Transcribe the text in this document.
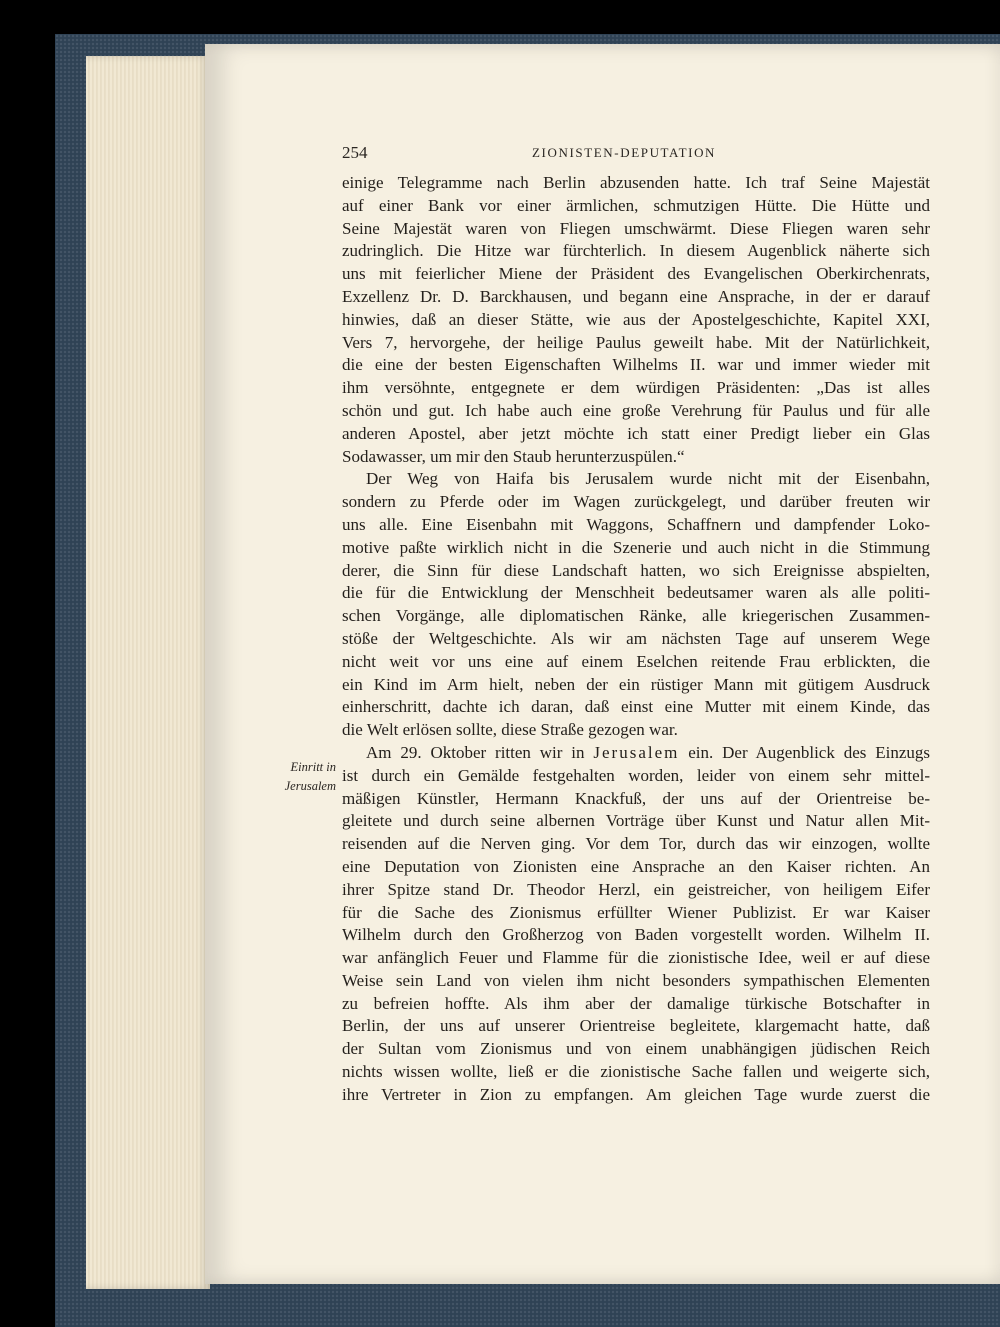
254	ZIONISTEN-DEPUTATION
Einritt in
Jerusalem
einige Telegramme nach Berlin abzusenden hatte. Ich traf Seine Majestät
auf einer Bank vor einer ärmlichen, schmutzigen Hütte. Die Hütte und
Seine Majestät waren von Fliegen umschwärmt. Diese Fliegen waren sehr
zudringlich. Die Hitze war fürchterlich. In diesem Augenblick näherte sich
uns mit feierlicher Miene der Präsident des Evangelischen Oberkirchenrats,
Exzellenz Dr. D. Barckhausen, und begann eine Ansprache, in der er darauf
hinwies, daß an dieser Stätte, wie aus der Apostelgeschichte, Kapitel XXI,
Vers 7, hervorgehe, der heilige Paulus geweilt habe. Mit der Natürlichkeit,
die eine der besten Eigenschaften Wilhelms II. war und immer wieder mit
ihm versöhnte, entgegnete er dem würdigen Präsidenten: „Das ist alles
schön und gut. Ich habe auch eine große Verehrung für Paulus und für alle
anderen Apostel, aber jetzt möchte ich statt einer Predigt lieber ein Glas
Sodawasser, um mir den Staub herunterzuspülen.“
Der Weg von Haifa bis Jerusalem wurde nicht mit der Eisenbahn,
sondern zu Pferde oder im Wagen zurückgelegt, und darüber freuten wir
uns alle. Eine Eisenbahn mit Waggons, Schaffnern und dampfender Loko-
motive paßte wirklich nicht in die Szenerie und auch nicht in die Stimmung
derer, die Sinn für diese Landschaft hatten, wo sich Ereignisse abspielten,
die für die Entwicklung der Menschheit bedeutsamer waren als alle politi-
schen Vorgänge, alle diplomatischen Ränke, alle kriegerischen Zusammen-
stöße der Weltgeschichte. Als wir am nächsten Tage auf unserem Wege
nicht weit vor uns eine auf einem Eselchen reitende Frau erblickten, die
ein Kind im Arm hielt, neben der ein rüstiger Mann mit gütigem Ausdruck
einherschritt, dachte ich daran, daß einst eine Mutter mit einem Kinde, das
die Welt erlösen sollte, diese Straße gezogen war.
Am 29. Oktober ritten wir in Jerusalem ein. Der Augenblick des Einzugs
ist durch ein Gemälde festgehalten worden, leider von einem sehr mittel-
mäßigen Künstler, Hermann Knackfuß, der uns auf der Orientreise be-
gleitete und durch seine albernen Vorträge über Kunst und Natur allen Mit-
reisenden auf die Nerven ging. Vor dem Tor, durch das wir einzogen, wollte
eine Deputation von Zionisten eine Ansprache an den Kaiser richten. An
ihrer Spitze stand Dr. Theodor Herzl, ein geistreicher, von heiligem Eifer
für die Sache des Zionismus erfüllter Wiener Publizist. Er war Kaiser
Wilhelm durch den Großherzog von Baden vorgestellt worden. Wilhelm II.
war anfänglich Feuer und Flamme für die zionistische Idee, weil er auf diese
Weise sein Land von vielen ihm nicht besonders sympathischen Elementen
zu befreien hoffte. Als ihm aber der damalige türkische Botschafter in
Berlin, der uns auf unserer Orientreise begleitete, klargemacht hatte, daß
der Sultan vom Zionismus und von einem unabhängigen jüdischen Reich
nichts wissen wollte, ließ er die zionistische Sache fallen und weigerte sich,
ihre Vertreter in Zion zu empfangen. Am gleichen Tage wurde zuerst die
